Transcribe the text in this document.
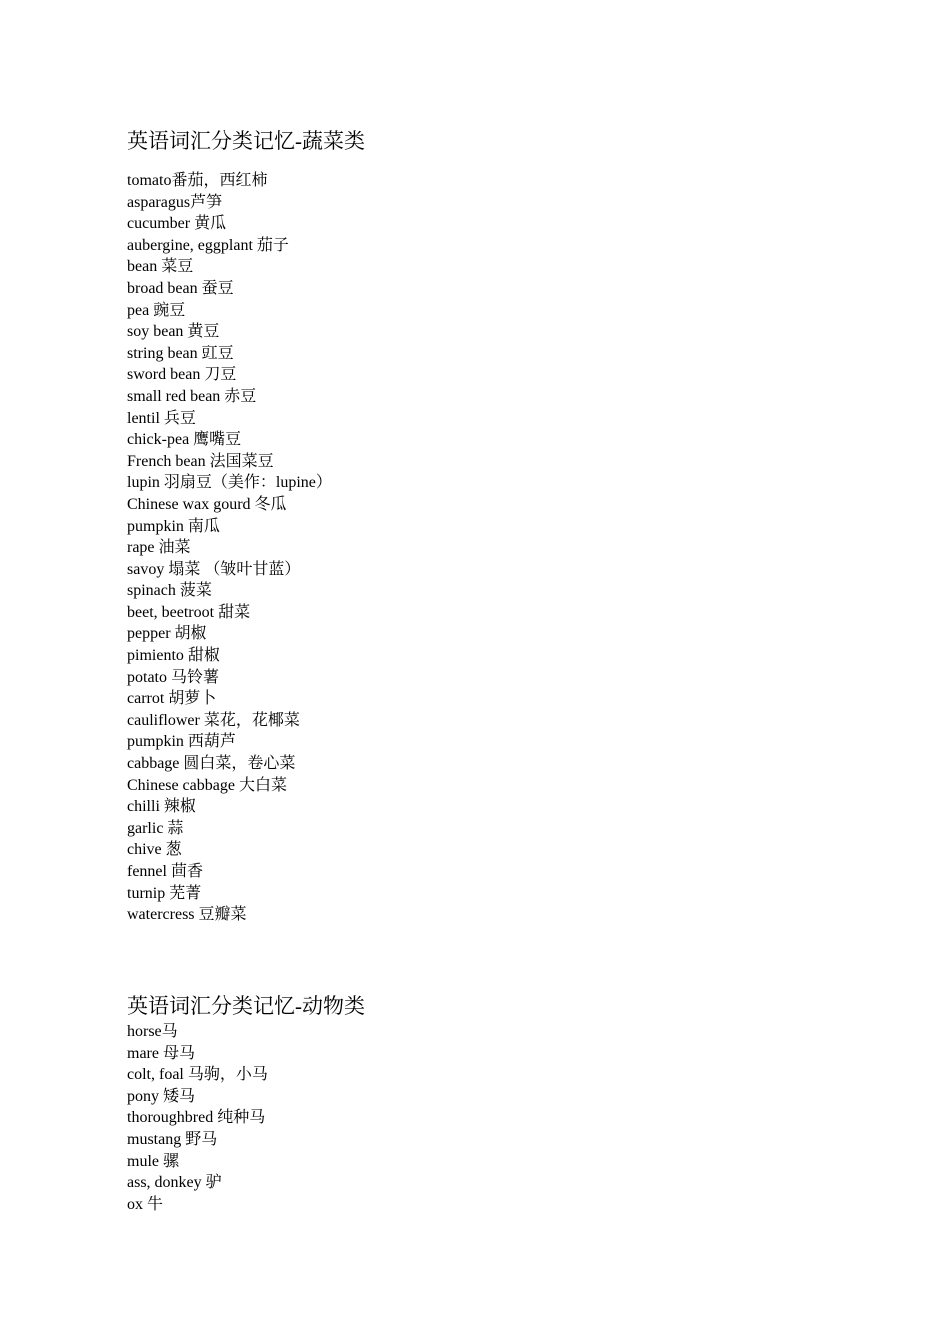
英语词汇分类记忆-蔬菜类
tomato番茄，西红柿
asparagus芦笋
cucumber 黄瓜
aubergine, eggplant 茄子
bean 菜豆
broad bean 蚕豆
pea 豌豆
soy bean 黄豆
string bean 豇豆
sword bean 刀豆
small red bean 赤豆
lentil 兵豆
chick-pea 鹰嘴豆
French bean 法国菜豆
lupin 羽扇豆（美作：lupine）
Chinese wax gourd 冬瓜
pumpkin 南瓜
rape 油菜
savoy 塌菜 （皱叶甘蓝）
spinach 菠菜
beet, beetroot 甜菜
pepper 胡椒
pimiento 甜椒
potato 马铃薯
carrot 胡萝卜
cauliflower 菜花，花椰菜
pumpkin 西葫芦
cabbage 圆白菜，卷心菜
Chinese cabbage 大白菜
chilli 辣椒
garlic 蒜
chive 葱
fennel 茴香
turnip 芜菁
watercress 豆瓣菜
英语词汇分类记忆-动物类
horse马
mare 母马
colt, foal 马驹，小马
pony 矮马
thoroughbred 纯种马
mustang 野马
mule 骡
ass, donkey 驴
ox 牛
